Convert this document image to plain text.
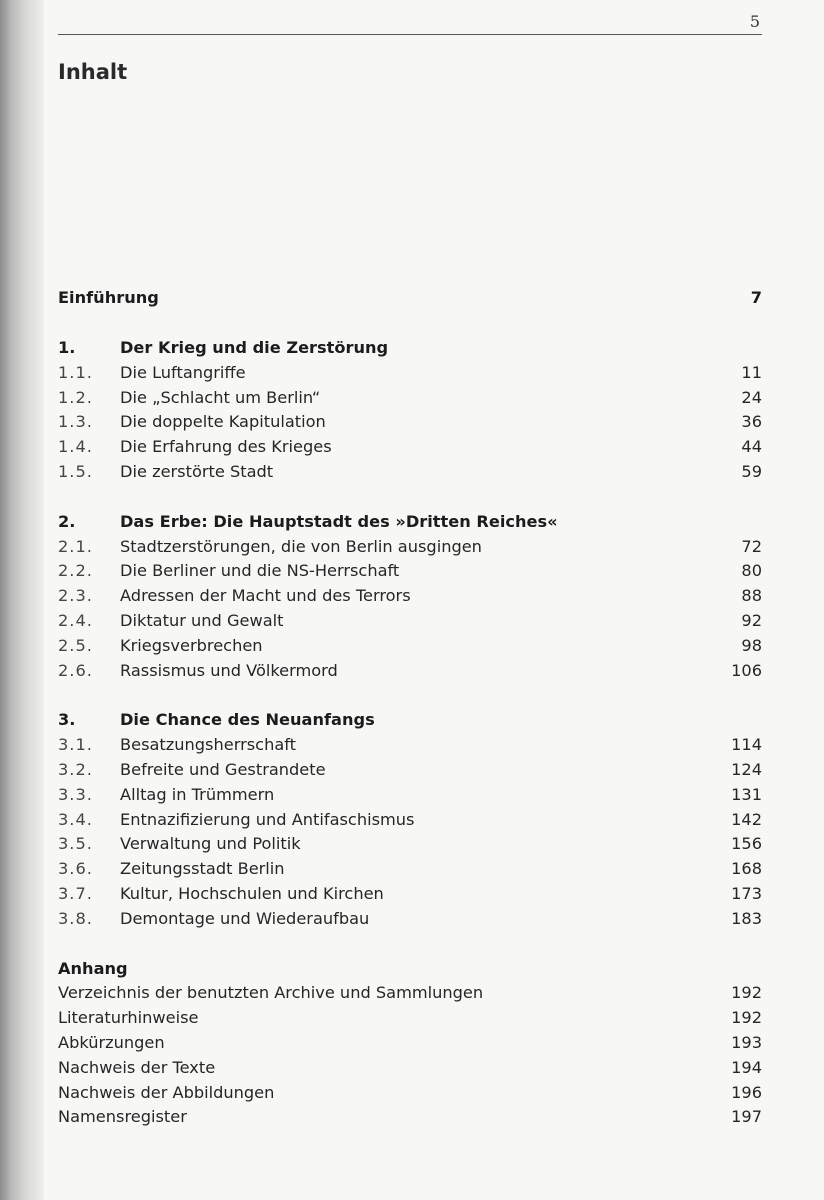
5
Inhalt
Einführung	7
1.	Der Krieg und die Zerstörung
1.1. Die Luftangriffe	11
1.2. Die „Schlacht um Berlin“	24
1.3. Die doppelte Kapitulation	36
1.4. Die Erfahrung des Krieges	44
1.5. Die zerstörte Stadt	59
2.	Das Erbe: Die Hauptstadt des »Dritten Reiches«
2.1. Stadtzerstörungen, die von Berlin ausgingen	72
2.2. Die Berliner und die NS-Herrschaft	80
2.3. Adressen der Macht und des Terrors	88
2.4. Diktatur und Gewalt	92
2.5. Kriegsverbrechen	98
2.6. Rassismus und Völkermord	106
3.	Die Chance des Neuanfangs
3.1. Besatzungsherrschaft	114
3.2. Befreite und Gestrandete	124
3.3. Alltag in Trümmern	131
3.4. Entnazifizierung und Antifaschismus	142
3.5. Verwaltung und Politik	156
3.6. Zeitungsstadt Berlin	168
3.7. Kultur, Hochschulen und Kirchen	173
3.8. Demontage und Wiederaufbau	183
Anhang
Verzeichnis der benutzten Archive und Sammlungen	192
Literaturhinweise	192
Abkürzungen	193
Nachweis der Texte	194
Nachweis der Abbildungen	196
Namensregister	197
